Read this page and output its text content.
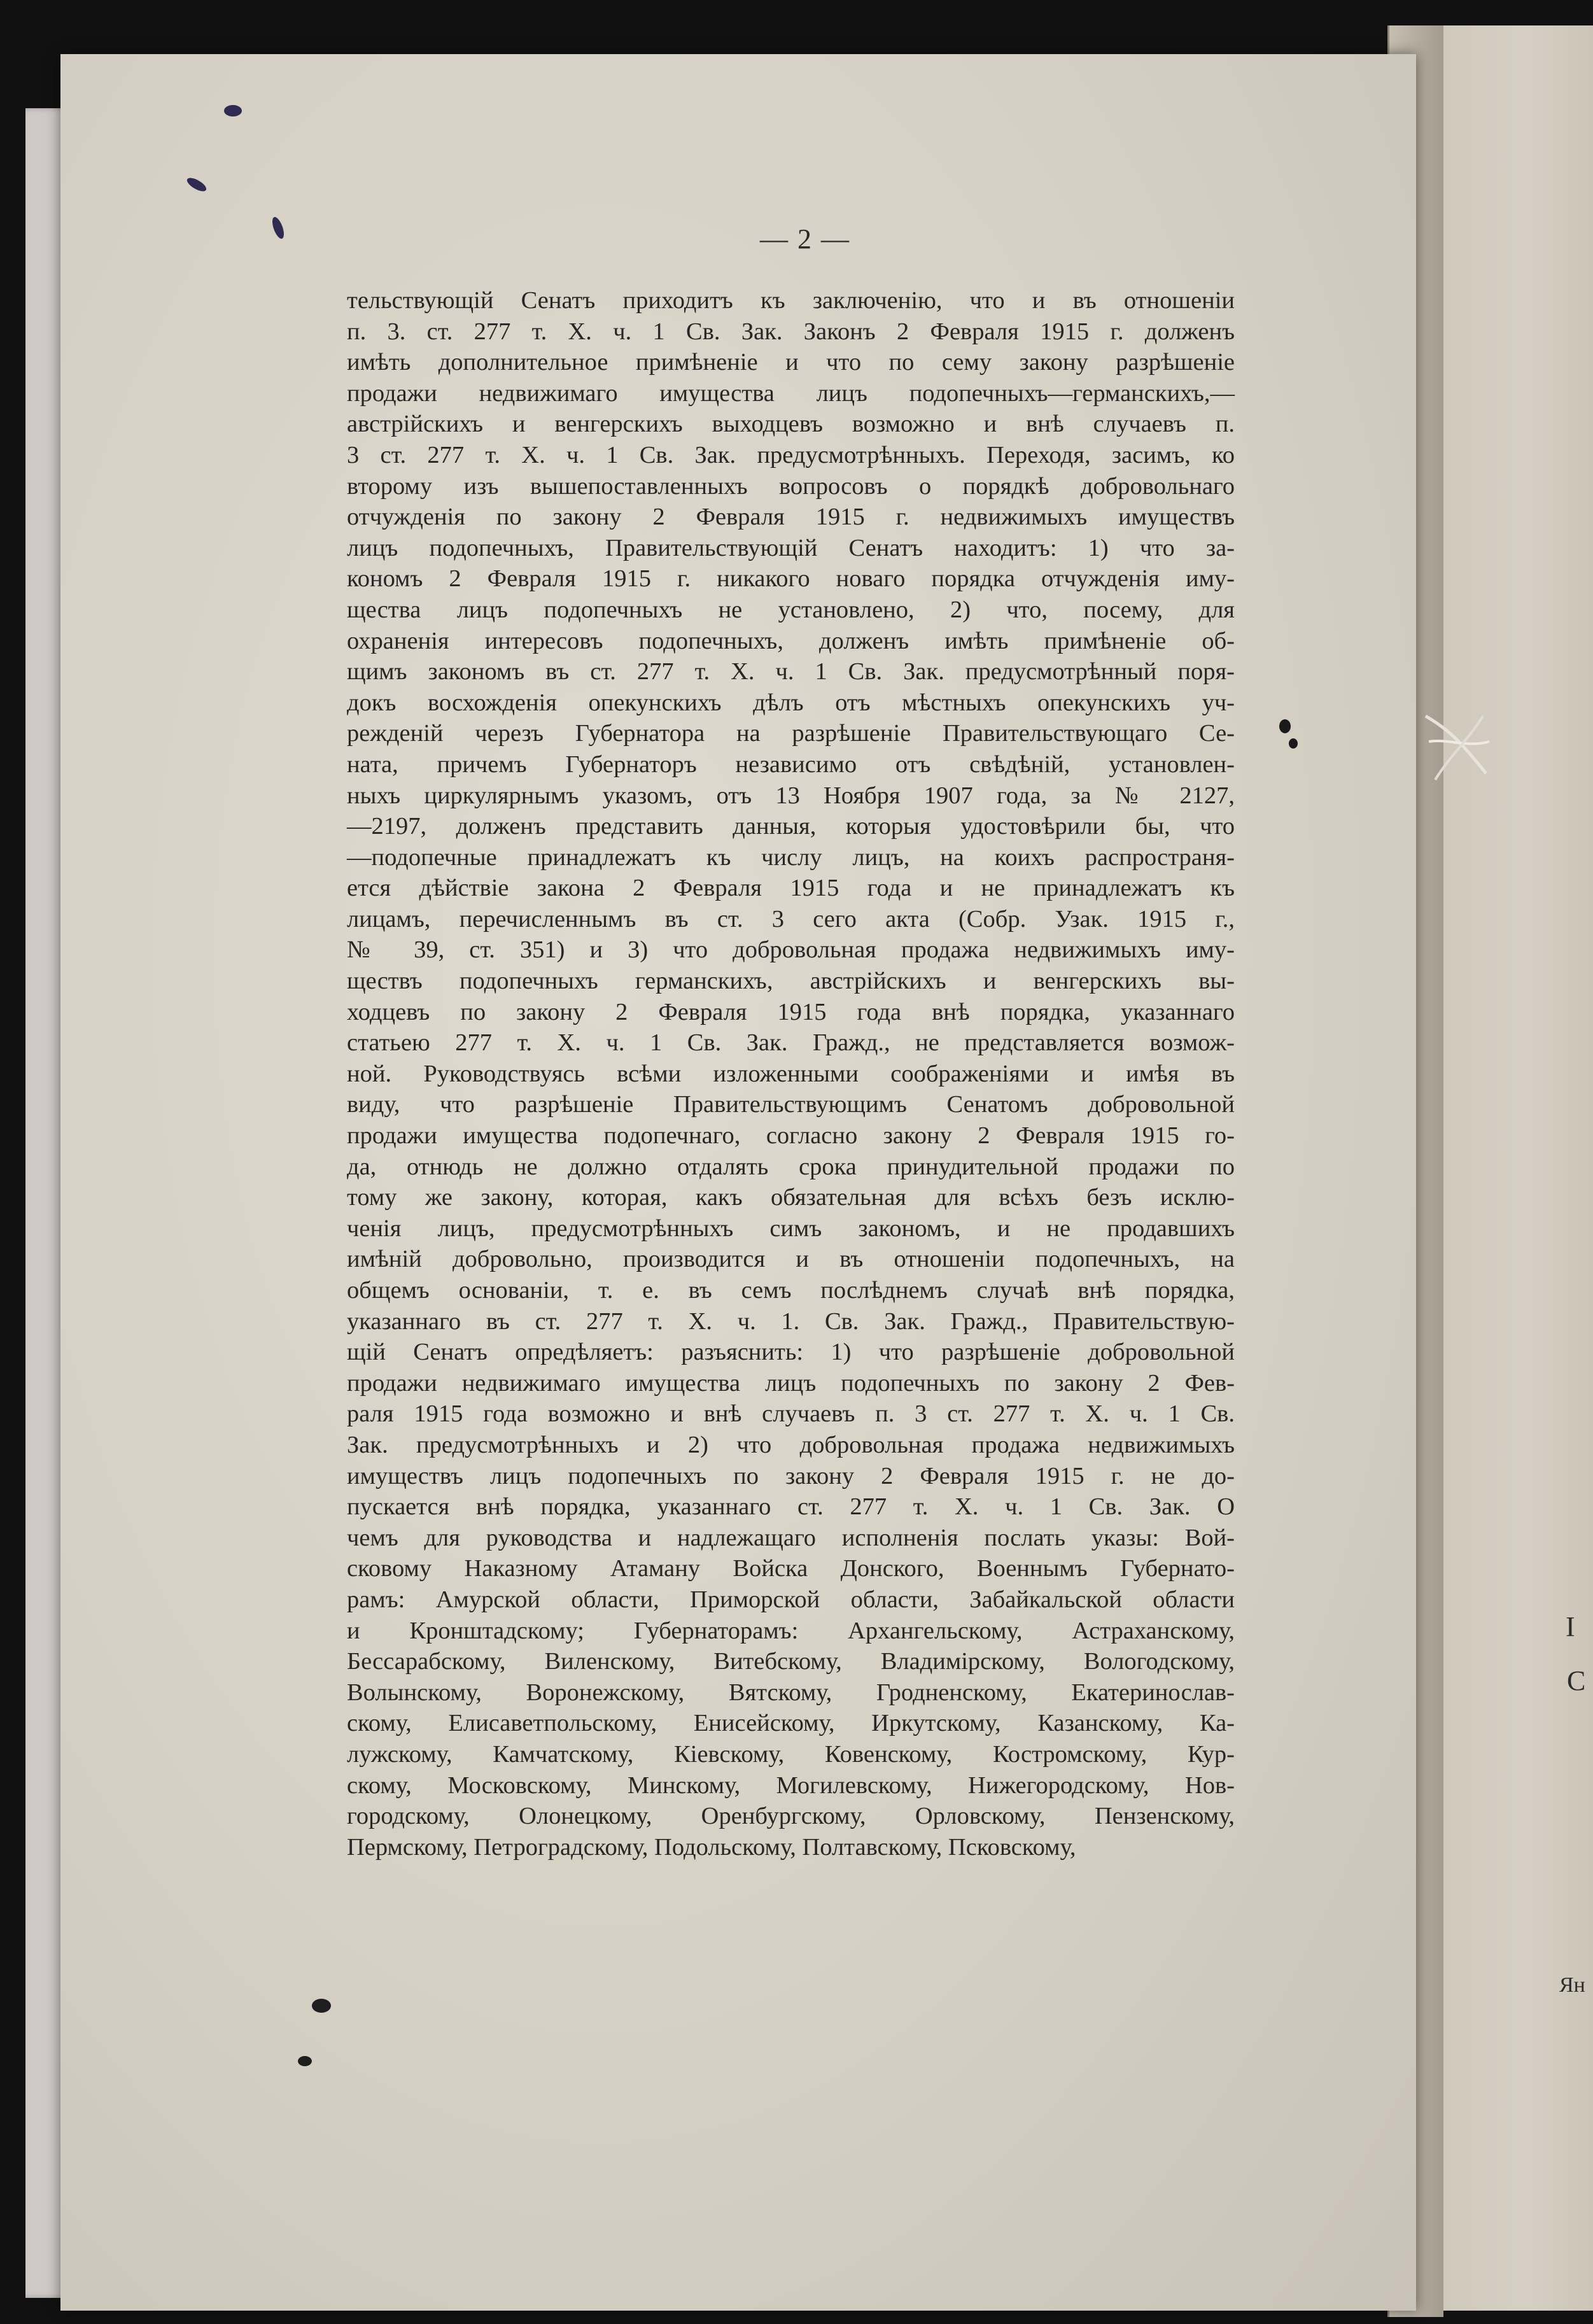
I
С
Ян
— 2 —
тельствующій Сенатъ приходитъ къ заключенію, что и въ отношеніи
п. 3. ст. 277 т. Х. ч. 1 Св. Зак. Законъ 2 Февраля 1915 г. долженъ
имѣть дополнительное примѣненіе и что по сему закону разрѣшеніе
продажи недвижимаго имущества лицъ подопечныхъ—германскихъ,—
австрійскихъ и венгерскихъ выходцевъ возможно и внѣ случаевъ п.
3 ст. 277 т. Х. ч. 1 Св. Зак. предусмотрѣнныхъ. Переходя, засимъ, ко
второму изъ вышепоставленныхъ вопросовъ о порядкѣ добровольнаго
отчужденія по закону 2 Февраля 1915 г. недвижимыхъ имуществъ
лицъ подопечныхъ, Правительствующій Сенатъ находитъ: 1) что за-
кономъ 2 Февраля 1915 г. никакого новаго порядка отчужденія иму-
щества лицъ подопечныхъ не установлено, 2) что, посему, для
охраненія интересовъ подопечныхъ, долженъ имѣть примѣненіе об-
щимъ закономъ въ ст. 277 т. Х. ч. 1 Св. Зак. предусмотрѣнный поря-
докъ восхожденія опекунскихъ дѣлъ отъ мѣстныхъ опекунскихъ уч-
режденій черезъ Губернатора на разрѣшеніе Правительствующаго Се-
ната, причемъ Губернаторъ независимо отъ свѣдѣній, установлен-
ныхъ циркулярнымъ указомъ, отъ 13 Ноября 1907 года, за № 2127,
—2197, долженъ представить данныя, которыя удостовѣрили бы, что
—подопечные принадлежатъ къ числу лицъ, на коихъ распространя-
ется дѣйствіе закона 2 Февраля 1915 года и не принадлежатъ къ
лицамъ, перечисленнымъ въ ст. 3 сего акта (Собр. Узак. 1915 г.,
№ 39, ст. 351) и 3) что добровольная продажа недвижимыхъ иму-
ществъ подопечныхъ германскихъ, австрійскихъ и венгерскихъ вы-
ходцевъ по закону 2 Февраля 1915 года внѣ порядка, указаннаго
статьею 277 т. Х. ч. 1 Св. Зак. Гражд., не представляется возмож-
ной. Руководствуясь всѣми изложенными соображеніями и имѣя въ
виду, что разрѣшеніе Правительствующимъ Сенатомъ добровольной
продажи имущества подопечнаго, согласно закону 2 Февраля 1915 го-
да, отнюдь не должно отдалять срока принудительной продажи по
тому же закону, которая, какъ обязательная для всѣхъ безъ исклю-
ченія лицъ, предусмотрѣнныхъ симъ закономъ, и не продавшихъ
имѣній добровольно, производится и въ отношеніи подопечныхъ, на
общемъ основаніи, т. е. въ семъ послѣднемъ случаѣ внѣ порядка,
указаннаго въ ст. 277 т. Х. ч. 1. Св. Зак. Гражд., Правительствую-
щій Сенатъ опредѣляетъ: разъяснить: 1) что разрѣшеніе добровольной
продажи недвижимаго имущества лицъ подопечныхъ по закону 2 Фев-
раля 1915 года возможно и внѣ случаевъ п. 3 ст. 277 т. Х. ч. 1 Св.
Зак. предусмотрѣнныхъ и 2) что добровольная продажа недвижимыхъ
имуществъ лицъ подопечныхъ по закону 2 Февраля 1915 г. не до-
пускается внѣ порядка, указаннаго ст. 277 т. Х. ч. 1 Св. Зак. О
чемъ для руководства и надлежащаго исполненія послать указы: Вой-
сковому Наказному Атаману Войска Донского, Военнымъ Губернато-
рамъ: Амурской области, Приморской области, Забайкальской области
и Кронштадскому; Губернаторамъ: Архангельскому, Астраханскому,
Бессарабскому, Виленскому, Витебскому, Владимірскому, Вологодскому,
Волынскому, Воронежскому, Вятскому, Гродненскому, Екатеринослав-
скому, Елисаветпольскому, Енисейскому, Иркутскому, Казанскому, Ка-
лужскому, Камчатскому, Кіевскому, Ковенскому, Костромскому, Кур-
скому, Московскому, Минскому, Могилевскому, Нижегородскому, Нов-
городскому, Олонецкому, Оренбургскому, Орловскому, Пензенскому,
Пермскому, Петроградскому, Подольскому, Полтавскому, Псковскому,
